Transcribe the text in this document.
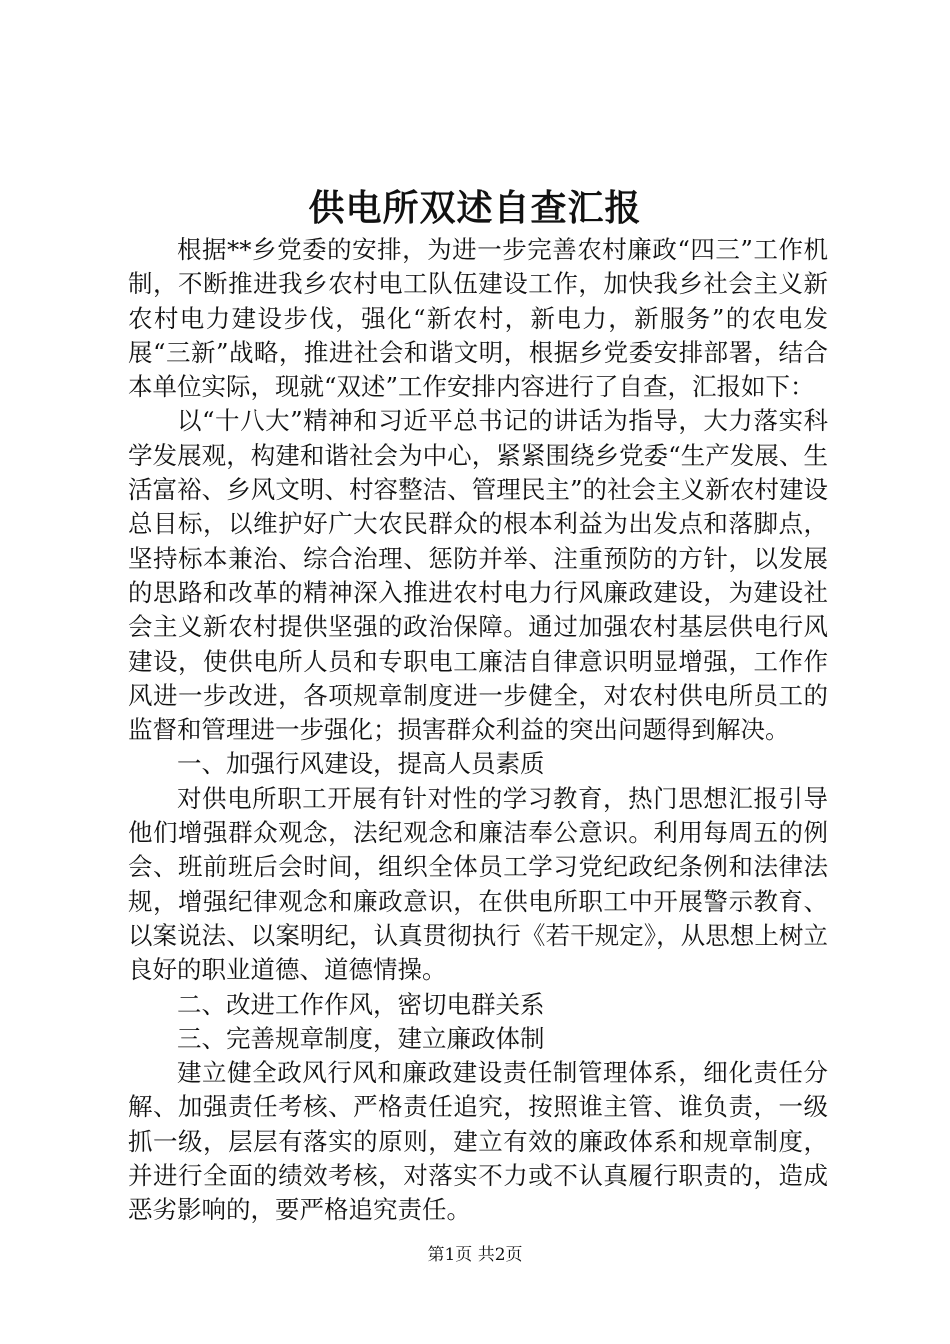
供电所双述自查汇报

根据**乡党委的安排，为进一步完善农村廉政“四三”工作机制，不断推进我乡农村电工队伍建设工作，加快我乡社会主义新农村电力建设步伐，强化“新农村，新电力，新服务”的农电发展“三新”战略，推进社会和谐文明，根据乡党委安排部署，结合本单位实际，现就“双述”工作安排内容进行了自查，汇报如下：

以“十八大”精神和习近平总书记的讲话为指导，大力落实科学发展观，构建和谐社会为中心，紧紧围绕乡党委“生产发展、生活富裕、乡风文明、村容整洁、管理民主”的社会主义新农村建设总目标，以维护好广大农民群众的根本利益为出发点和落脚点，坚持标本兼治、综合治理、惩防并举、注重预防的方针，以发展的思路和改革的精神深入推进农村电力行风廉政建设，为建设社会主义新农村提供坚强的政治保障。通过加强农村基层供电行风建设，使供电所人员和专职电工廉洁自律意识明显增强，工作作风进一步改进，各项规章制度进一步健全，对农村供电所员工的监督和管理进一步强化；损害群众利益的突出问题得到解决。

一、加强行风建设，提高人员素质

对供电所职工开展有针对性的学习教育，热门思想汇报引导他们增强群众观念，法纪观念和廉洁奉公意识。利用每周五的例会、班前班后会时间，组织全体员工学习党纪政纪条例和法律法规，增强纪律观念和廉政意识，在供电所职工中开展警示教育、以案说法、以案明纪，认真贯彻执行《若干规定》，从思想上树立良好的职业道德、道德情操。

二、改进工作作风，密切电群关系

三、完善规章制度，建立廉政体制

建立健全政风行风和廉政建设责任制管理体系，细化责任分解、加强责任考核、严格责任追究，按照谁主管、谁负责，一级抓一级，层层有落实的原则，建立有效的廉政体系和规章制度，并进行全面的绩效考核，对落实不力或不认真履行职责的，造成恶劣影响的，要严格追究责任。

第1页 共2页
